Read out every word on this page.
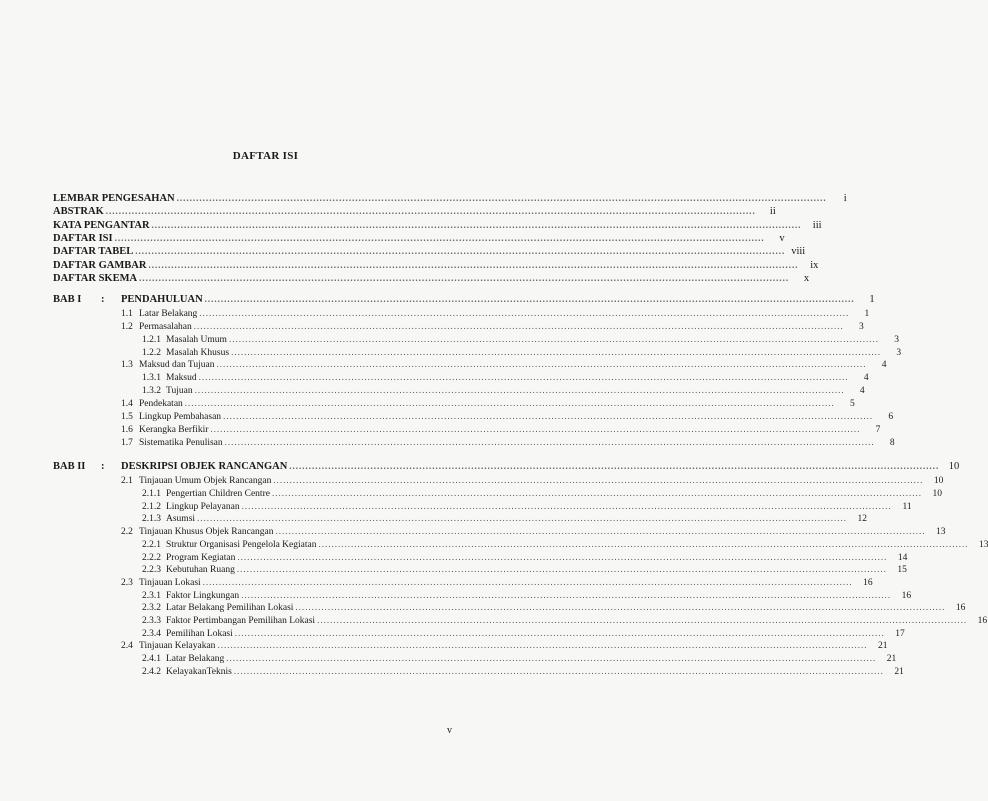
DAFTAR ISI
LEMBAR PENGESAHAN ........................................................................................................................................................................................................	i
ABSTRAK ........................................................................................................................................................................................................	ii
KATA PENGANTAR ........................................................................................................................................................................................................	iii
DAFTAR ISI ........................................................................................................................................................................................................	v
DAFTAR TABEL ........................................................................................................................................................................................................ viii
DAFTAR GAMBAR ........................................................................................................................................................................................................	ix
DAFTAR SKEMA ........................................................................................................................................................................................................	x
BAB I	:	PENDAHULUAN ........................................................................................................................................................................................................	1
1.1 Latar Belakang ........................................................................................................................................................................................................	1
1.2 Permasalahan ........................................................................................................................................................................................................	3
1.2.1 Masalah Umum ........................................................................................................................................................................................................	3
1.2.2 Masalah Khusus ........................................................................................................................................................................................................	3
1.3 Maksud dan Tujuan ........................................................................................................................................................................................................	4
1.3.1 Maksud ........................................................................................................................................................................................................	4
1.3.2 Tujuan ........................................................................................................................................................................................................	4
1.4 Pendekatan ........................................................................................................................................................................................................	5
1.5 Lingkup Pembahasan ........................................................................................................................................................................................................	6
1.6 Kerangka Berfikir ........................................................................................................................................................................................................	7
1.7 Sistematika Penulisan ........................................................................................................................................................................................................	8
BAB II	:	DESKRIPSI OBJEK RANCANGAN ........................................................................................................................................................................................................ 10
2.1 Tinjauan Umum Objek Rancangan ........................................................................................................................................................................................................	10
2.1.1 Pengertian Children Centre ........................................................................................................................................................................................................	10
2.1.2 Lingkup Pelayanan ........................................................................................................................................................................................................	11
2.1.3 Asumsi ........................................................................................................................................................................................................	12
2.2 Tinjauan Khusus Objek Rancangan ........................................................................................................................................................................................................	13
2.2.1 Struktur Organisasi Pengelola Kegiatan ........................................................................................................................................................................................................	13
2.2.2 Program Kegiatan ........................................................................................................................................................................................................	14
2.2.3 Kebutuhan Ruang ........................................................................................................................................................................................................	15
2.3 Tinjauan Lokasi ........................................................................................................................................................................................................	16
2.3.1 Faktor Lingkungan ........................................................................................................................................................................................................	16
2.3.2 Latar Belakang Pemilihan Lokasi ........................................................................................................................................................................................................	16
2.3.3 Faktor Pertimbangan Pemilihan Lokasi ........................................................................................................................................................................................................	16
2.3.4 Pemilihan Lokasi ........................................................................................................................................................................................................	17
2.4 Tinjauan Kelayakan ........................................................................................................................................................................................................	21
2.4.1 Latar Belakang ........................................................................................................................................................................................................	21
2.4.2 KelayakanTeknis ........................................................................................................................................................................................................	21
v
